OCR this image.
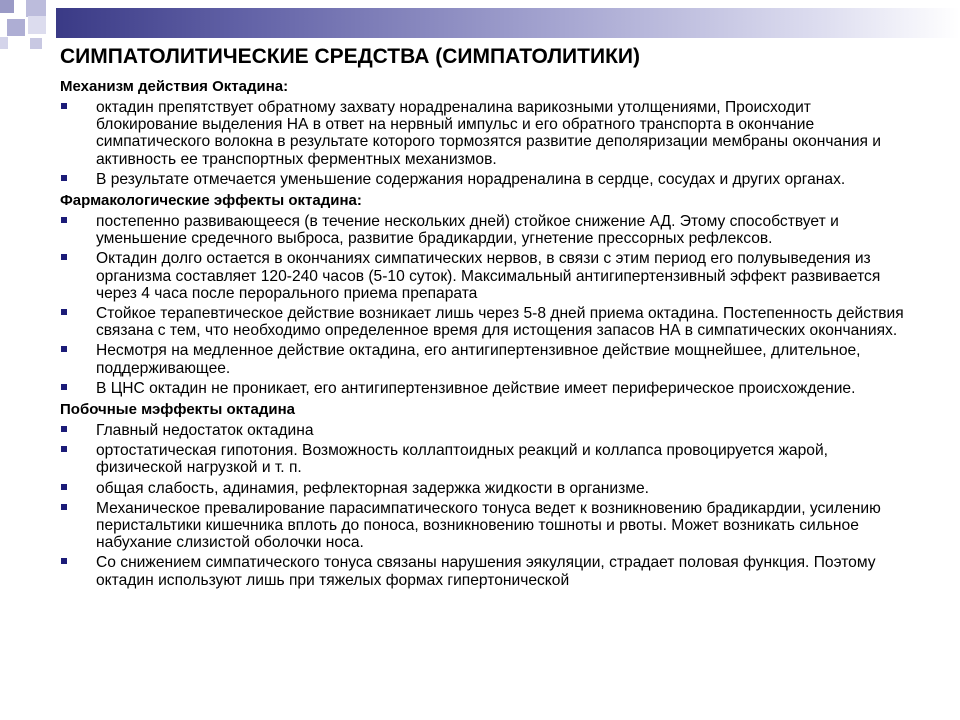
СИМПАТОЛИТИЧЕСКИЕ СРЕДСТВА (СИМПАТОЛИТИКИ)
Механизм действия Октадина:
октадин препятствует обратному захвату норадреналина варикозными утолщениями, Происходит блокирование выделения НА в ответ на нервный импульс и его обратного транспорта в окончание симпатического волокна в результате которого тормозятся развитие деполяризации мембраны окончания и активность ее транспортных ферментных механизмов.
В результате отмечается уменьшение содержания норадреналина в сердце, сосудах и других органах.
Фармакологические эффекты октадина:
постепенно развивающееся (в течение нескольких дней) стойкое снижение АД. Этому способствует и уменьшение средечного выброса, развитие брадикардии, угнетение прессорных рефлексов.
Октадин долго остается в окончаниях симпатических нервов, в связи с этим период его полувыведения из организма составляет 120-240 часов (5-10 суток). Максимальный антигипертензивный эффект развивается через 4 часа после перорального приема препарата
Стойкое терапевтическое действие возникает лишь через 5-8 дней приема октадина. Постепенность действия связана с тем, что необходимо определенное время для истощения запасов НА в симпатических окончаниях.
Несмотря на медленное действие октадина, его антигипертензивное действие мощнейшее, длительное, поддерживающее.
В ЦНС октадин не проникает, его антигипертензивное действие имеет периферическое происхождение.
Побочные мэффекты октадина
Главный недостаток октадина
ортостатическая гипотония. Возможность коллаптоидных реакций и коллапса провоцируется жарой, физической нагрузкой и т. п.
общая слабость, адинамия, рефлекторная задержка жидкости в организме.
Механическое превалирование парасимпатического тонуса ведет к возникновению брадикардии, усилению перистальтики кишечника вплоть до поноса, возникновению тошноты и рвоты. Может возникать сильное набухание слизистой оболочки носа.
Со снижением симпатического тонуса связаны нарушения эякуляции, страдает половая функция. Поэтому октадин используют лишь при тяжелых формах гипертонической
